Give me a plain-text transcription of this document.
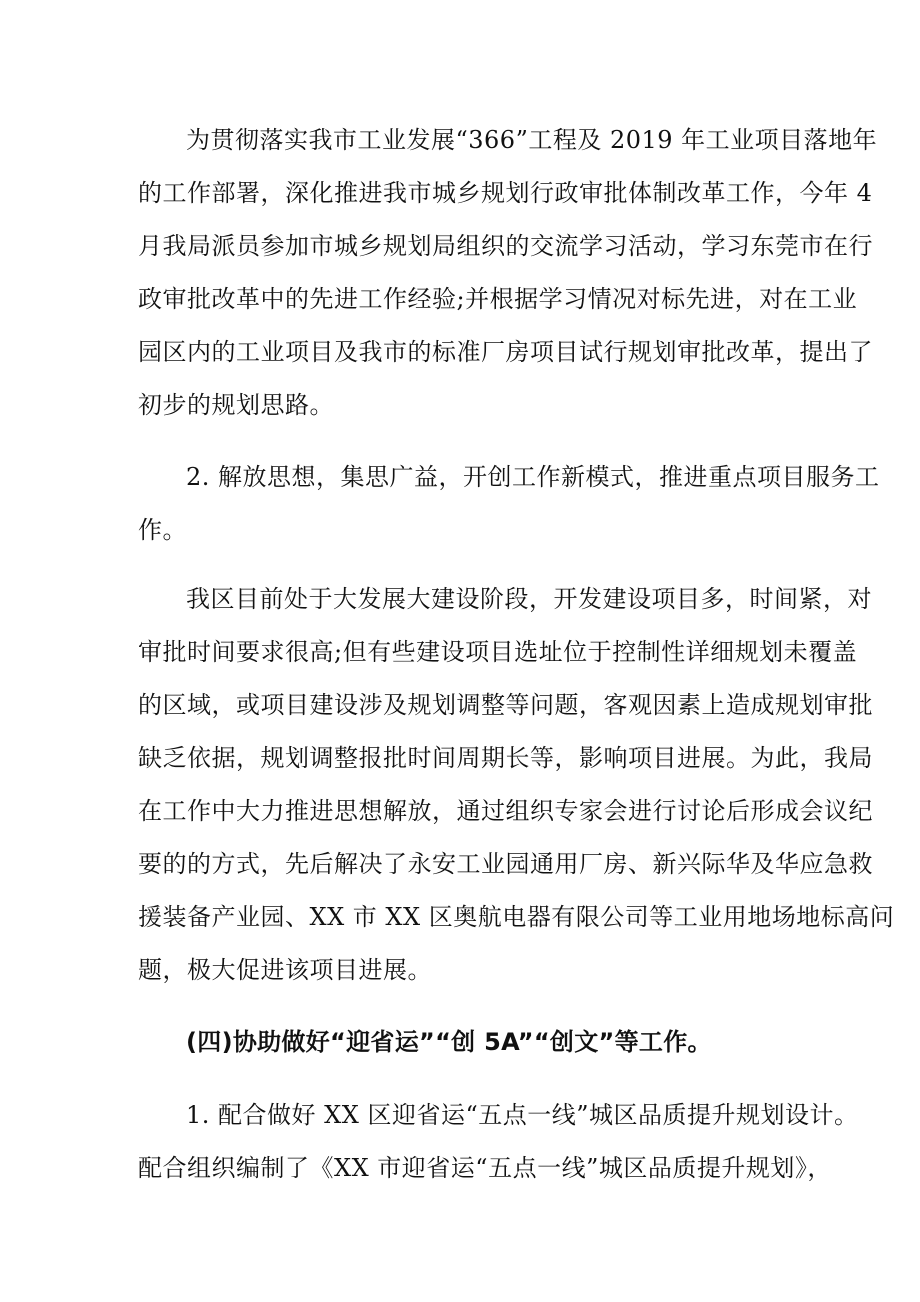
为贯彻落实我市工业发展“366”工程及 2019 年工业项目落地年
的工作部署，深化推进我市城乡规划行政审批体制改革工作，今年 4
月我局派员参加市城乡规划局组织的交流学习活动，学习东莞市在行
政审批改革中的先进工作经验;并根据学习情况对标先进，对在工业
园区内的工业项目及我市的标准厂房项目试行规划审批改革，提出了
初步的规划思路。
2. 解放思想，集思广益，开创工作新模式，推进重点项目服务工
作。
我区目前处于大发展大建设阶段，开发建设项目多，时间紧，对
审批时间要求很高;但有些建设项目选址位于控制性详细规划未覆盖
的区域，或项目建设涉及规划调整等问题，客观因素上造成规划审批
缺乏依据，规划调整报批时间周期长等，影响项目进展。为此，我局
在工作中大力推进思想解放，通过组织专家会进行讨论后形成会议纪
要的的方式，先后解决了永安工业园通用厂房、新兴际华及华应急救
援装备产业园、XX 市 XX 区奥航电器有限公司等工业用地场地标高问
题，极大促进该项目进展。
(四)协助做好“迎省运”“创 5A”“创文”等工作。
1. 配合做好 XX 区迎省运“五点一线”城区品质提升规划设计。
配合组织编制了《XX 市迎省运“五点一线”城区品质提升规划》，
